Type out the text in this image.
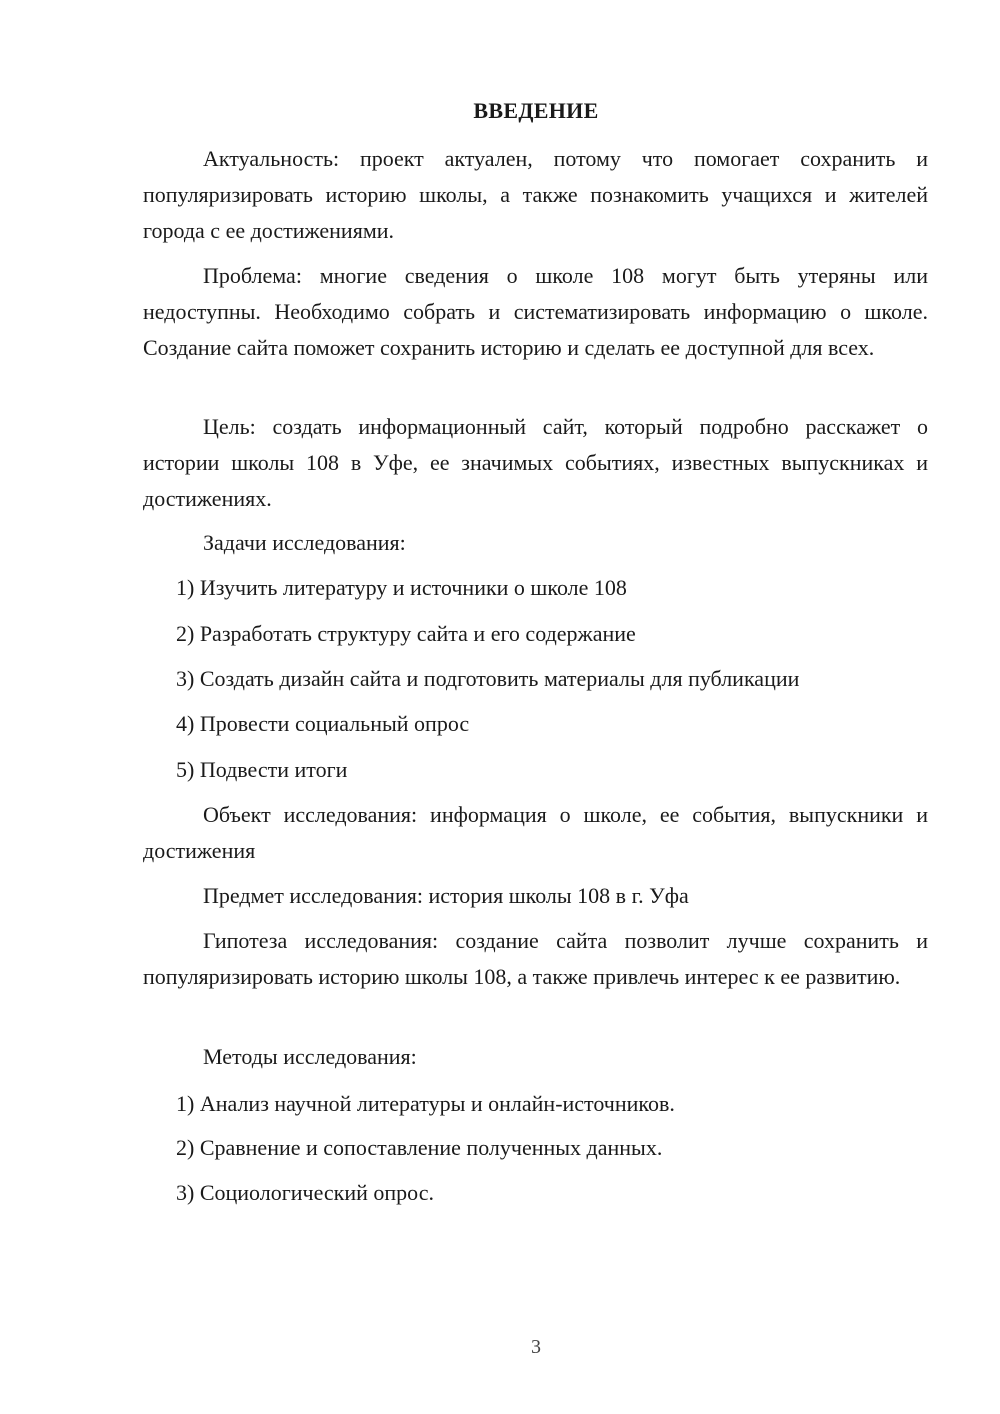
ВВЕДЕНИЕ

Актуальность: проект актуален, потому что помогает сохранить и популяризировать историю школы, а также познакомить учащихся и жителей города с ее достижениями.

Проблема: многие сведения о школе 108 могут быть утеряны или недоступны. Необходимо собрать и систематизировать информацию о школе. Создание сайта поможет сохранить историю и сделать ее доступной для всех.

Цель: создать информационный сайт, который подробно расскажет о истории школы 108 в Уфе, ее значимых событиях, известных выпускниках и достижениях.

Задачи исследования:

1) Изучить литературу и источники о школе 108

2) Разработать структуру сайта и его содержание

3) Создать дизайн сайта и подготовить материалы для публикации

4) Провести социальный опрос

5) Подвести итоги

Объект исследования: информация о школе, ее события, выпускники и достижения

Предмет исследования: история школы 108 в г. Уфа

Гипотеза исследования: создание сайта позволит лучше сохранить и популяризировать историю школы 108, а также привлечь интерес к ее развитию.

Методы исследования:

1) Анализ научной литературы и онлайн-источников.

2) Сравнение и сопоставление полученных данных.

3) Социологический опрос.

3
